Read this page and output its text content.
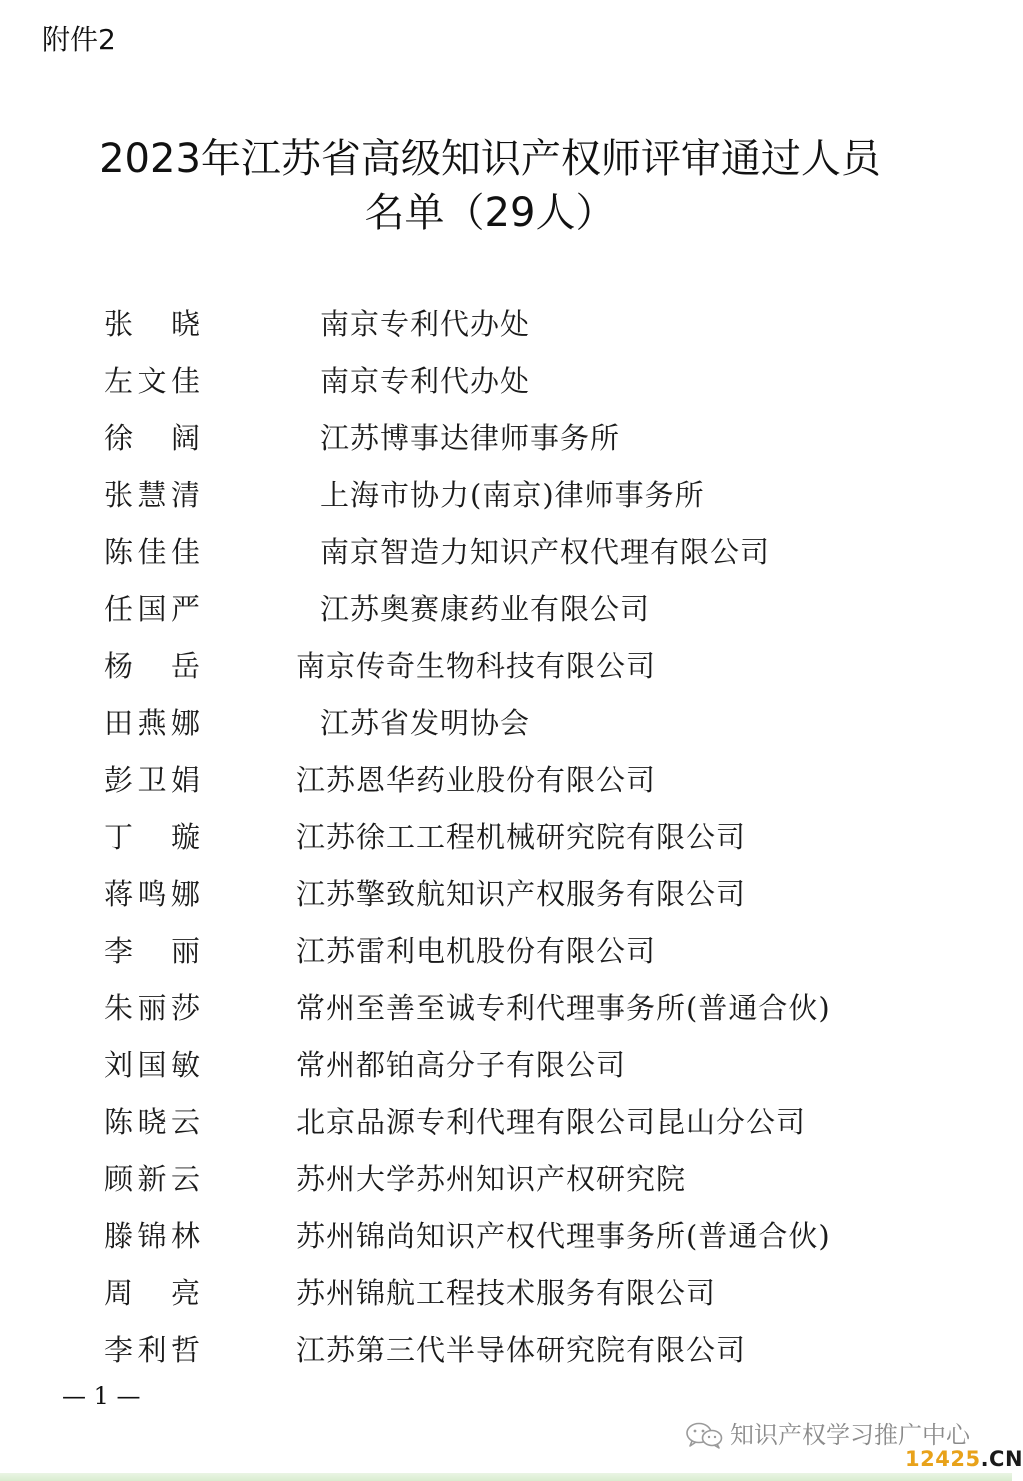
附件2
2023年江苏省高级知识产权师评审通过人员
名单（29人）
张晓	南京专利代办处
左文佳	南京专利代办处
徐阔	江苏博事达律师事务所
张慧清	上海市协力(南京)律师事务所
陈佳佳	南京智造力知识产权代理有限公司
任国严	江苏奥赛康药业有限公司
杨岳	南京传奇生物科技有限公司
田燕娜	江苏省发明协会
彭卫娟	江苏恩华药业股份有限公司
丁璇	江苏徐工工程机械研究院有限公司
蒋鸣娜	江苏擎致航知识产权服务有限公司
李丽	江苏雷利电机股份有限公司
朱丽莎	常州至善至诚专利代理事务所(普通合伙)
刘国敏	常州都铂高分子有限公司
陈晓云	北京品源专利代理有限公司昆山分公司
顾新云	苏州大学苏州知识产权研究院
滕锦林	苏州锦尚知识产权代理事务所(普通合伙)
周亮	苏州锦航工程技术服务有限公司
李利哲	江苏第三代半导体研究院有限公司
— 1 —
知识产权学习推广中心
12425.CN
